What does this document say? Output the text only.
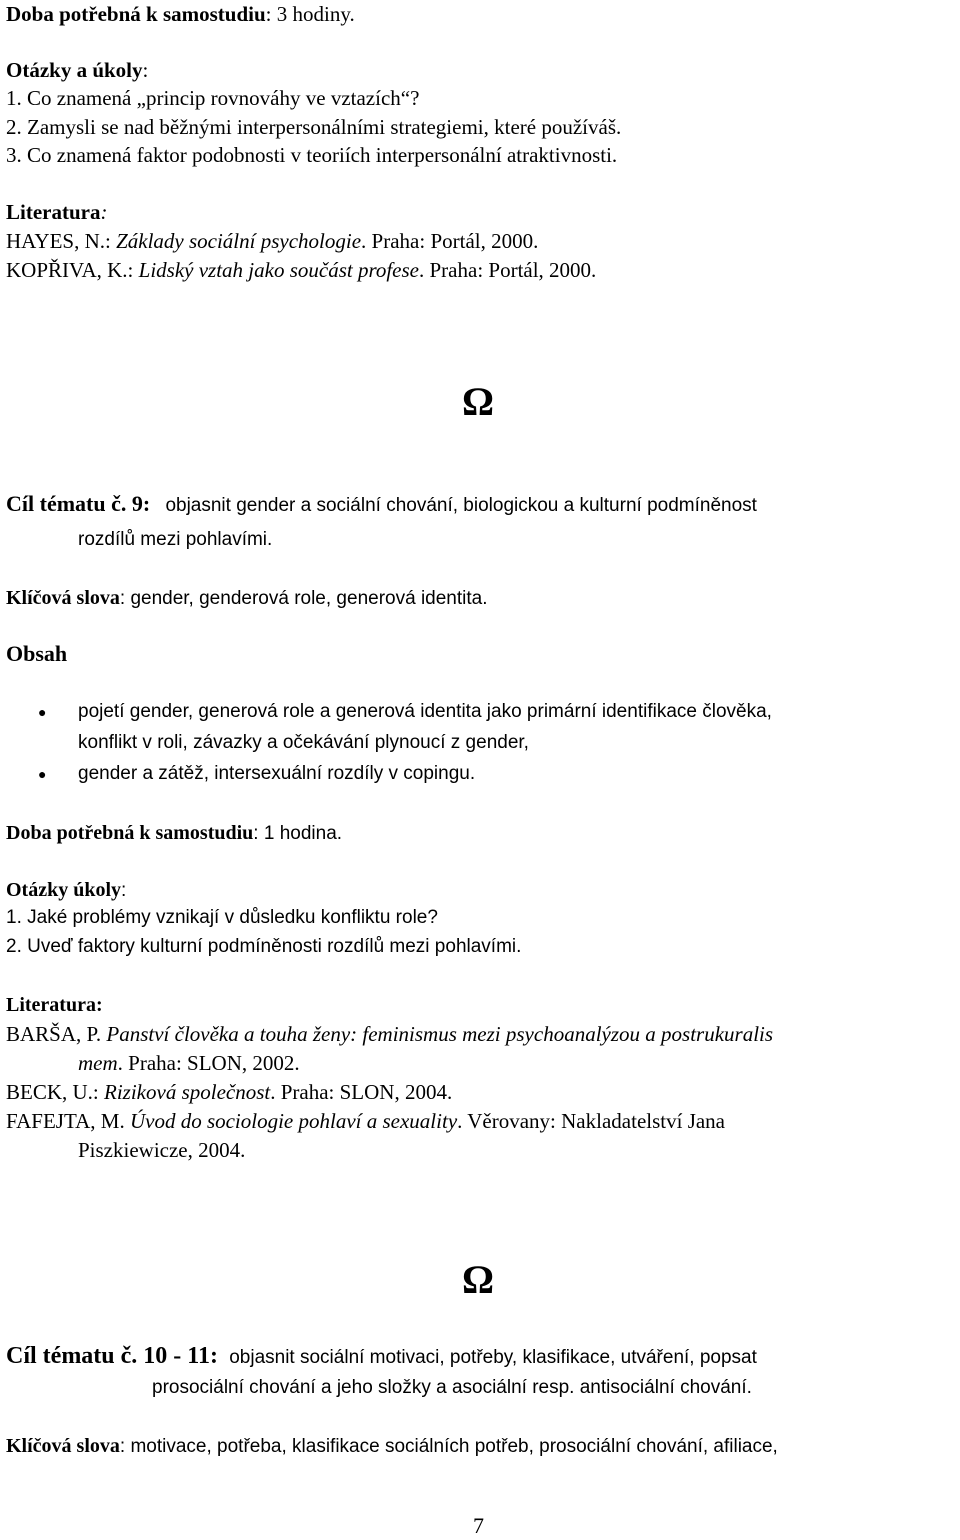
Doba potřebná k samostudiu: 3 hodiny.
Otázky a úkoly:
1. Co znamená „princip rovnováhy ve vztazích“?
2. Zamysli se nad běžnými interpersonálními strategiemi, které používáš.
3. Co znamená faktor podobnosti v teoriích interpersonální atraktivnosti.
Literatura:
HAYES, N.: Základy sociální psychologie. Praha: Portál, 2000.
KOPŘIVA, K.: Lidský vztah jako součást profese. Praha: Portál, 2000.
Ω
Cíl tématu č. 9: objasnit gender a sociální chování, biologickou a kulturní podmíněnost
rozdílů mezi pohlavími.
Klíčová slova: gender, genderová role, generová identita.
Obsah
● pojetí gender, generová role a generová identita jako primární identifikace člověka,
konflikt v roli, závazky a očekávání plynoucí z gender,
● gender a zátěž, intersexuální rozdíly v copingu.
Doba potřebná k samostudiu: 1 hodina.
Otázky úkoly:
1. Jaké problémy vznikají v důsledku konfliktu role?
2. Uveď faktory kulturní podmíněnosti rozdílů mezi pohlavími.
Literatura:
BARŠA, P. Panství člověka a touha ženy: feminismus mezi psychoanalýzou a postrukuralis
mem. Praha: SLON, 2002.
BECK, U.: Riziková společnost. Praha: SLON, 2004.
FAFEJTA, M. Úvod do sociologie pohlaví a sexuality. Věrovany: Nakladatelství Jana
Piszkiewicze, 2004.
Ω
Cíl tématu č. 10 - 11: objasnit sociální motivaci, potřeby, klasifikace, utváření, popsat
prosociální chování a jeho složky a asociální resp. antisociální chování.
Klíčová slova: motivace, potřeba, klasifikace sociálních potřeb, prosociální chování, afiliace,
7
